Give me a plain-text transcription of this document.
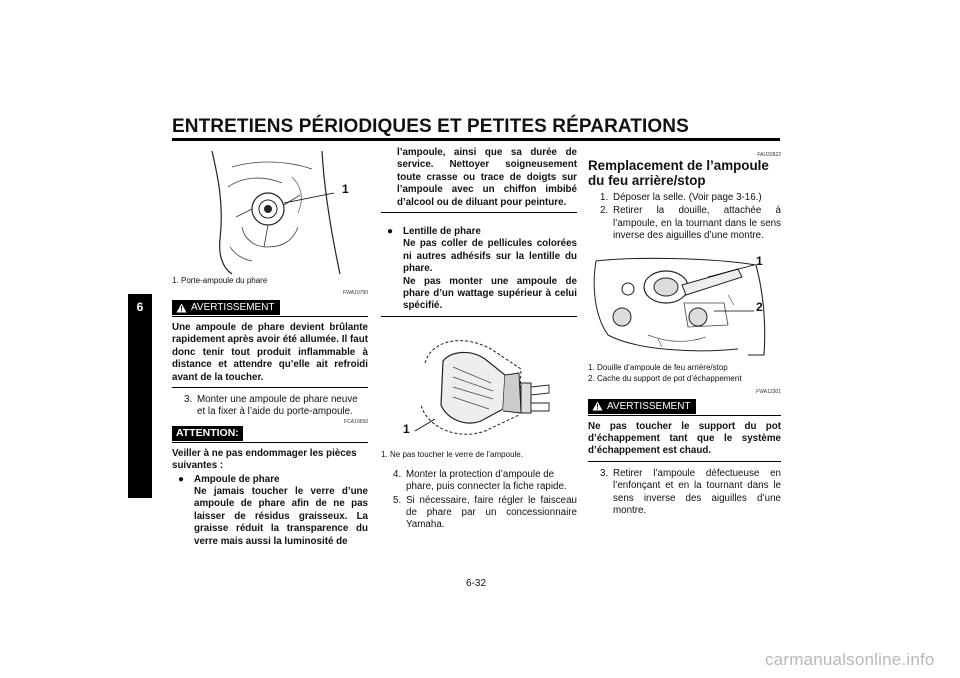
ENTRETIENS PÉRIODIQUES ET PETITES RÉPARATIONS
6
1
1. Porte-ampoule du phare

FWA10790

AVERTISSEMENT

Une ampoule de phare devient brûlante rapidement après avoir été allumée. Il faut donc tenir tout produit inflammable à distance et attendre qu’elle ait refroidi avant de la toucher.

3. Monter une ampoule de phare neuve et la fixer à l’aide du porte-ampoule.

FCA10650

ATTENTION:

Veiller à ne pas endommager les pièces suivantes :

●	Ampoule de phare

Ne jamais toucher le verre d’une ampoule de phare afin de ne pas laisser de résidus graisseux. La graisse réduit la transparence du verre mais aussi la luminosité de

l’ampoule, ainsi que sa durée de service. Nettoyer soigneusement toute crasse ou trace de doigts sur l’ampoule avec un chiffon imbibé d’alcool ou de diluant pour peinture.

●	Lentille de phare

Ne pas coller de pellicules colorées ni autres adhésifs sur la lentille du phare.

Ne pas monter une ampoule de phare d’un wattage supérieur à celui spécifié.

1
1. Ne pas toucher le verre de l’ampoule.
4. Monter la protection d’ampoule de phare, puis connecter la fiche rapide.
5. Si nécessaire, faire régler le faisceau de phare par un concessionnaire Yamaha.

FAU32822

Remplacement de l’ampoule du feu arrière/stop
1. Déposer la selle. (Voir page 3-16.)
2. Retirer la douille, attachée à l’ampoule, en la tournant dans le sens inverse des aiguilles d’une montre.
1
2
1. Douille d’ampoule de feu arrière/stop
2. Cache du support de pot d’échappement

FWA12301

AVERTISSEMENT

Ne pas toucher le support du pot d’échappement tant que le système d’échappement est chaud.

3. Retirer l’ampoule défectueuse en l’enfonçant et en la tournant dans le sens inverse des aiguilles d’une montre.
6-32
carmanualsonline.info
